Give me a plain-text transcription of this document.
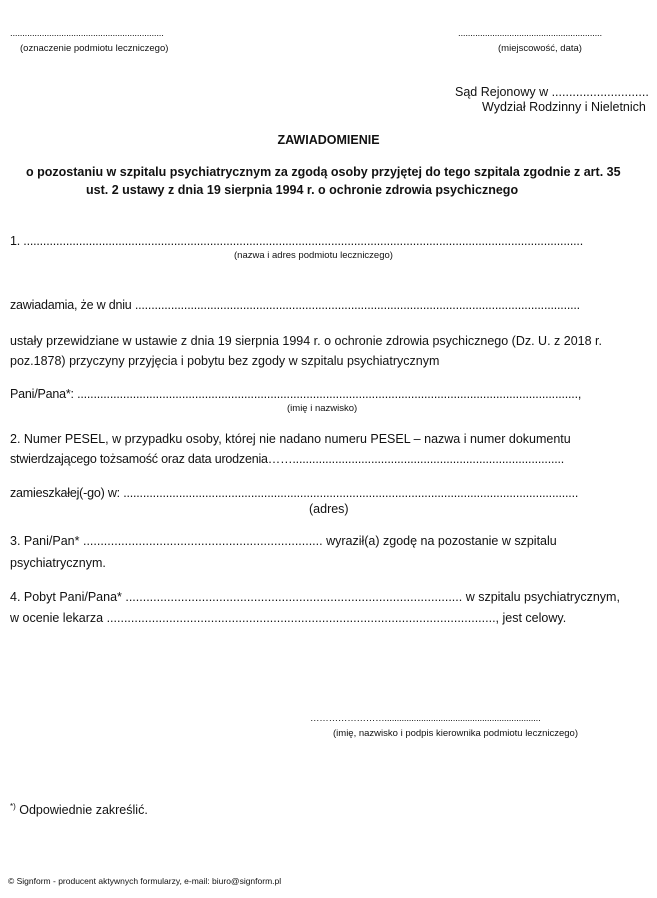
...............................................................
(oznaczenie podmiotu leczniczego)
...........................................................
(miejscowość, data)
Sąd Rejonowy w ............................
Wydział Rodzinny i Nieletnich
ZAWIADOMIENIE
o pozostaniu w szpitalu psychiatrycznym za zgodą osoby przyjętej do tego szpitala zgodnie z art. 35
ust. 2 ustawy z dnia 19 sierpnia 1994 r. o ochronie zdrowia psychicznego
1. ...........................................................................................................................................................................
(nazwa i adres podmiotu leczniczego)
zawiadamia, że w dniu ........................................................................................................................................
ustały przewidziane w ustawie z dnia 19 sierpnia 1994 r. o ochronie zdrowia psychicznego (Dz. U. z 2018 r.
poz.1878) przyczyny przyjęcia i pobytu bez zgody w szpitalu psychiatrycznym
Pani/Pana*: .........................................................................................................................................................,
(imię i nazwisko)
2. Numer PESEL, w przypadku osoby, której nie nadano numeru PESEL – nazwa i numer dokumentu
stwierdzającego tożsamość oraz data urodzenia……...................................................................................
zamieszkałej(-go) w: ...........................................................................................................................................
(adres)
3. Pani/Pan* ..................................................................... wyraził(a) zgodę na pozostanie w szpitalu
psychiatrycznym.
4. Pobyt Pani/Pana* ................................................................................................. w szpitalu psychiatrycznym,
w ocenie lekarza ................................................................................................................, jest celowy.
……………………................................................................
(imię, nazwisko i podpis kierownika podmiotu leczniczego)
*) Odpowiednie zakreślić.
© Signform - producent aktywnych formularzy, e-mail: biuro@signform.pl
